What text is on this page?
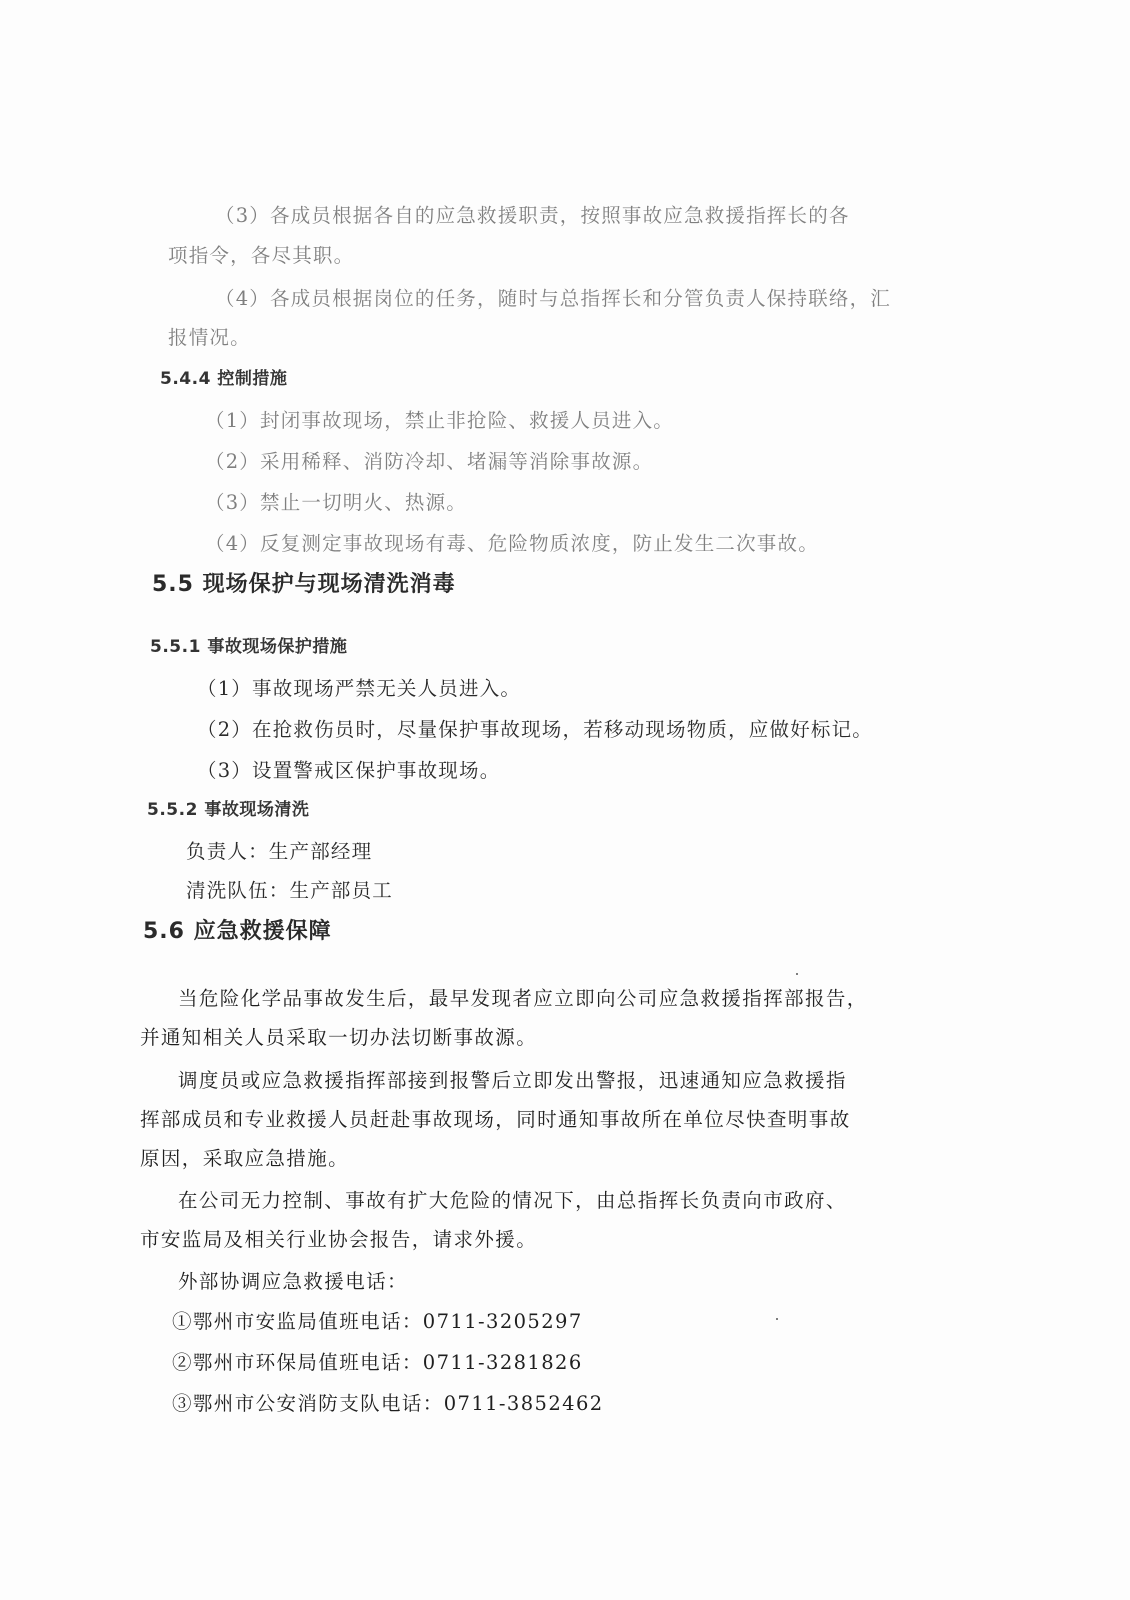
（3）各成员根据各自的应急救援职责，按照事故应急救援指挥长的各
项指令，各尽其职。
（4）各成员根据岗位的任务，随时与总指挥长和分管负责人保持联络，汇
报情况。
5.4.4 控制措施
（1）封闭事故现场，禁止非抢险、救援人员进入。
（2）采用稀释、消防冷却、堵漏等消除事故源。
（3）禁止一切明火、热源。
（4）反复测定事故现场有毒、危险物质浓度，防止发生二次事故。
5.5 现场保护与现场清洗消毒
5.5.1 事故现场保护措施
（1）事故现场严禁无关人员进入。
（2）在抢救伤员时，尽量保护事故现场，若移动现场物质，应做好标记。
（3）设置警戒区保护事故现场。
5.5.2 事故现场清洗
负责人：生产部经理
清洗队伍：生产部员工
5.6 应急救援保障
当危险化学品事故发生后，最早发现者应立即向公司应急救援指挥部报告，
并通知相关人员采取一切办法切断事故源。
调度员或应急救援指挥部接到报警后立即发出警报，迅速通知应急救援指
挥部成员和专业救援人员赶赴事故现场，同时通知事故所在单位尽快查明事故
原因，采取应急措施。
在公司无力控制、事故有扩大危险的情况下，由总指挥长负责向市政府、
市安监局及相关行业协会报告，请求外援。
外部协调应急救援电话：
①鄂州市安监局值班电话：0711-3205297
②鄂州市环保局值班电话：0711-3281826
③鄂州市公安消防支队电话：0711-3852462
